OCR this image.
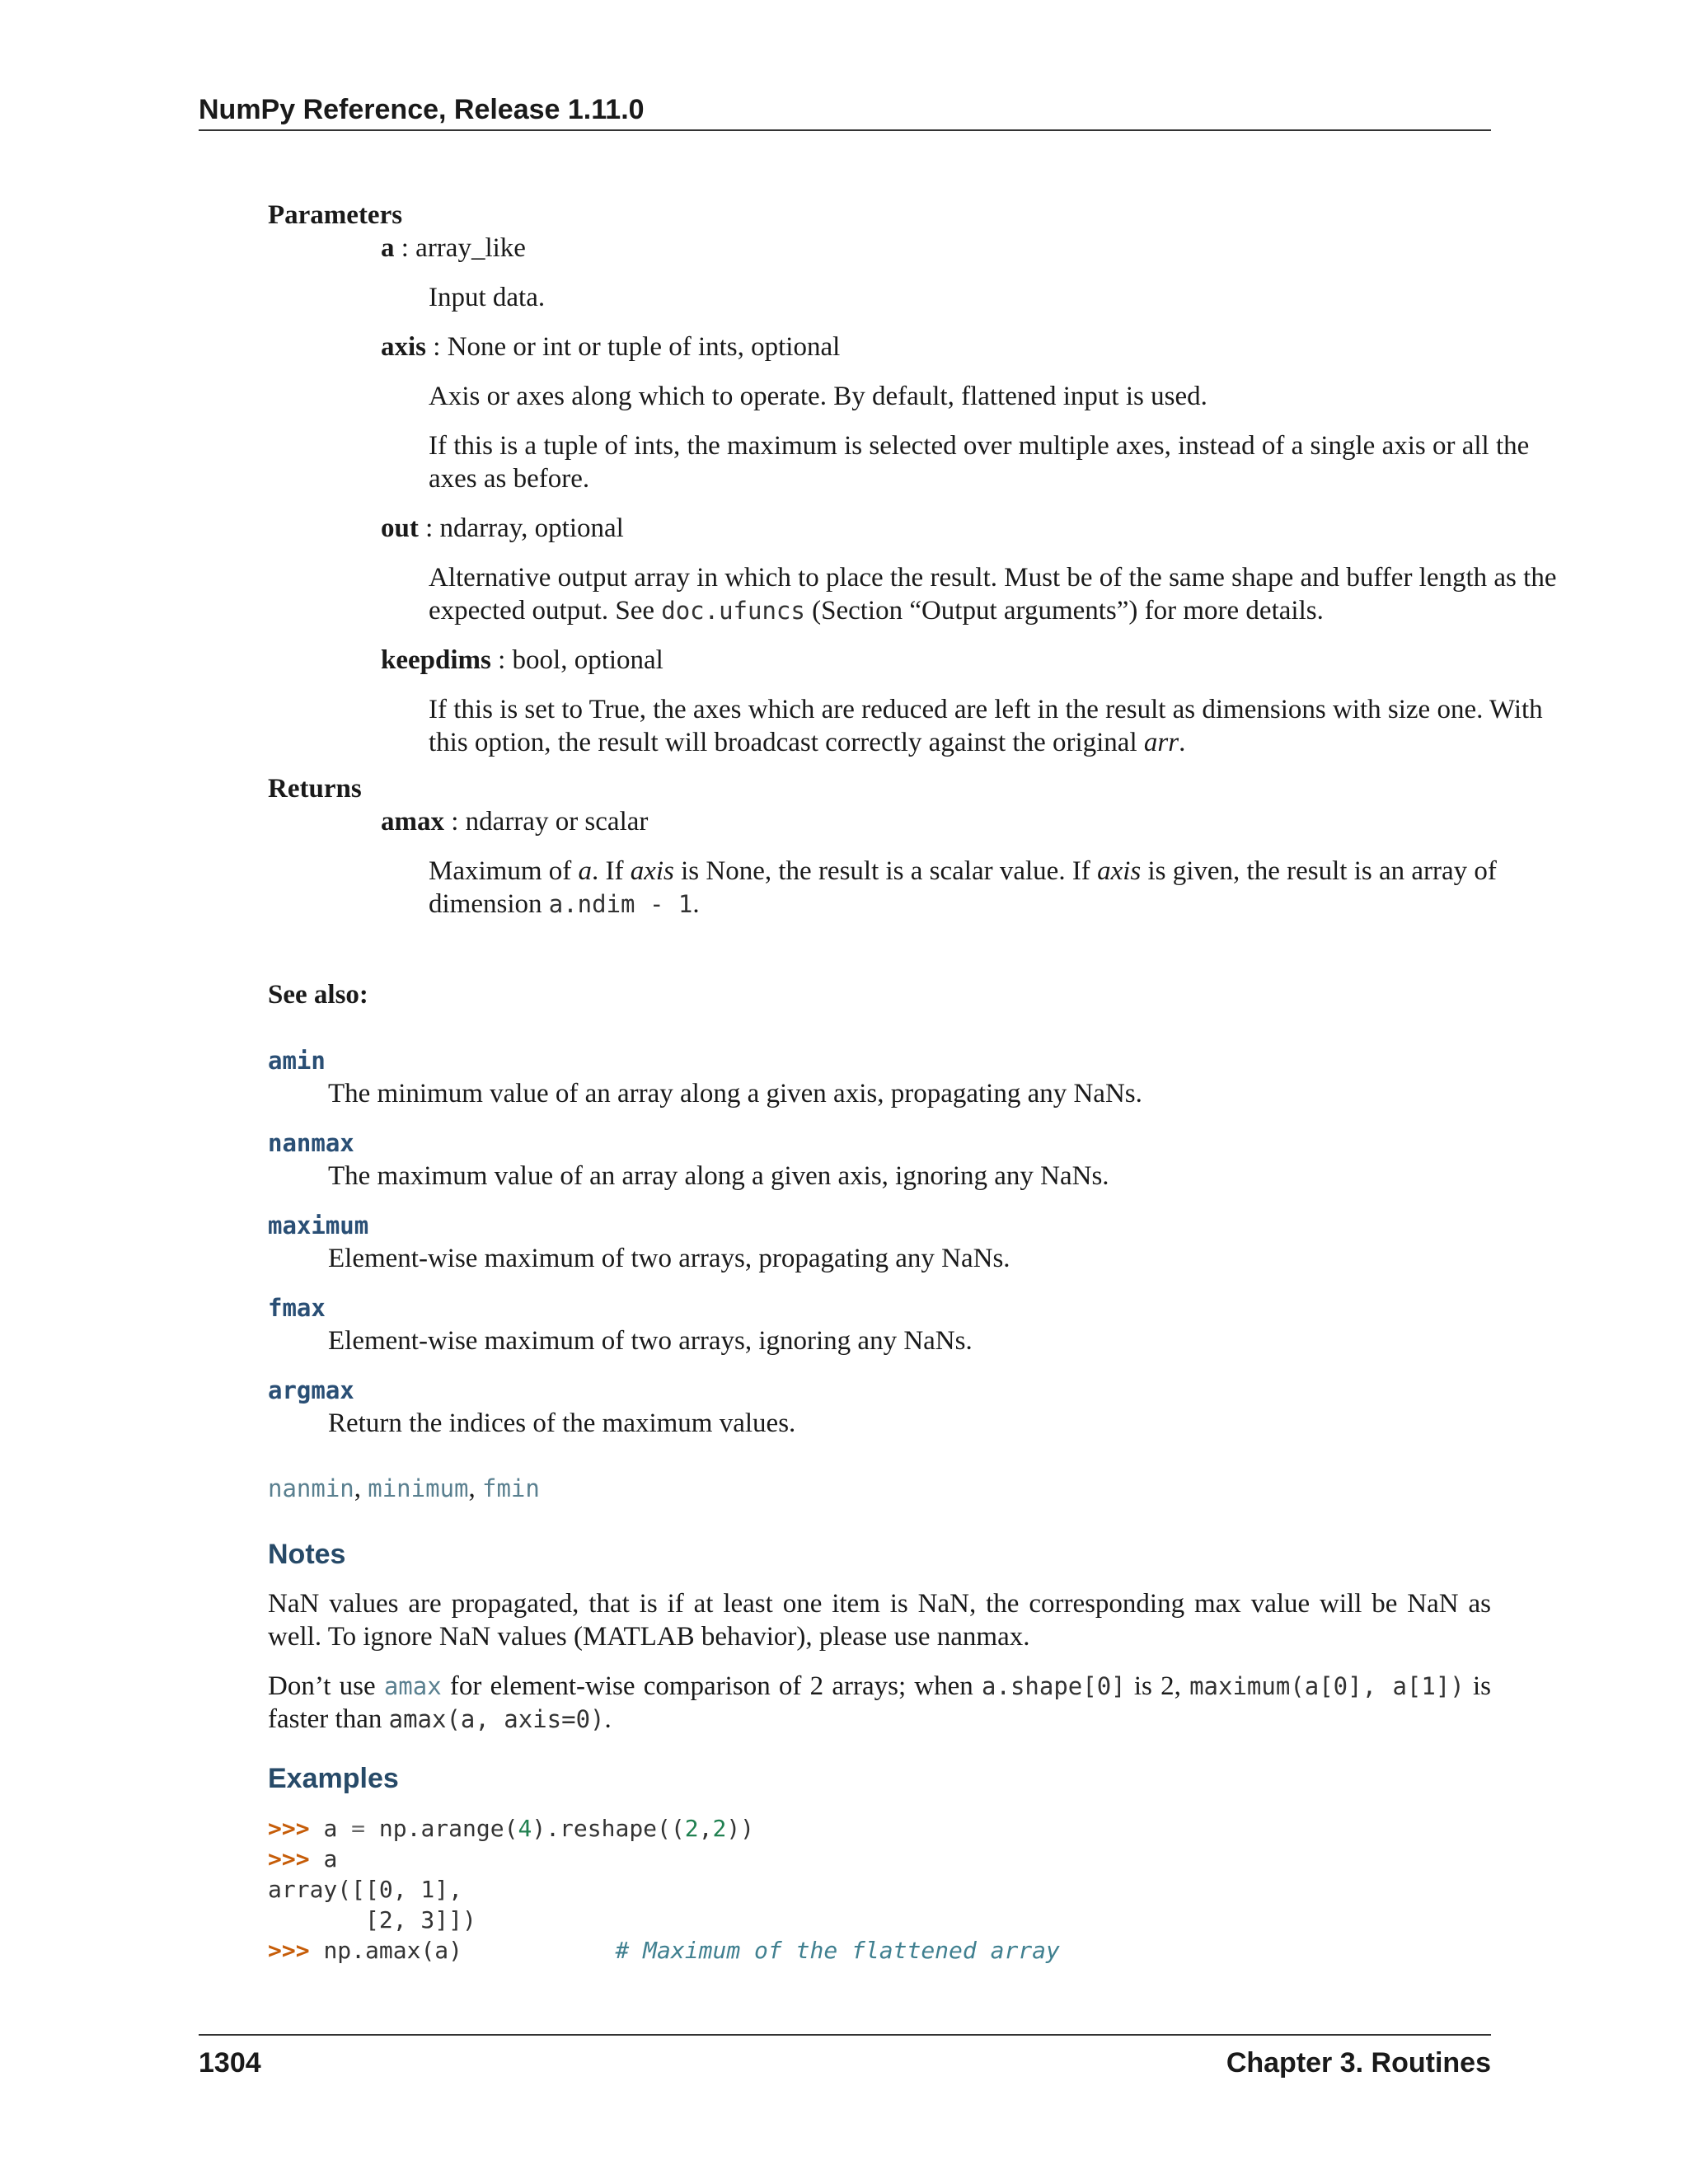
NumPy Reference, Release 1.11.0
Parameters
a : array_like
Input data.
axis : None or int or tuple of ints, optional
Axis or axes along which to operate. By default, flattened input is used.
If this is a tuple of ints, the maximum is selected over multiple axes, instead of a single axis or all the axes as before.
out : ndarray, optional
Alternative output array in which to place the result. Must be of the same shape and buffer length as the expected output. See doc.ufuncs (Section “Output arguments”) for more details.
keepdims : bool, optional
If this is set to True, the axes which are reduced are left in the result as dimensions with size one. With this option, the result will broadcast correctly against the original arr.
Returns
amax : ndarray or scalar
Maximum of a. If axis is None, the result is a scalar value. If axis is given, the result is an array of dimension a.ndim - 1.
See also:
amin
The minimum value of an array along a given axis, propagating any NaNs.
nanmax
The maximum value of an array along a given axis, ignoring any NaNs.
maximum
Element-wise maximum of two arrays, propagating any NaNs.
fmax
Element-wise maximum of two arrays, ignoring any NaNs.
argmax
Return the indices of the maximum values.
nanmin, minimum, fmin
Notes
NaN values are propagated, that is if at least one item is NaN, the corresponding max value will be NaN as well. To ignore NaN values (MATLAB behavior), please use nanmax.
Don’t use amax for element-wise comparison of 2 arrays; when a.shape[0] is 2, maximum(a[0], a[1]) is faster than amax(a, axis=0).
Examples
>>> a = np.arange(4).reshape((2,2))
>>> a
array([[0, 1],
[2, 3]])
>>> np.amax(a)	# Maximum of the flattened array
1304	Chapter 3. Routines
